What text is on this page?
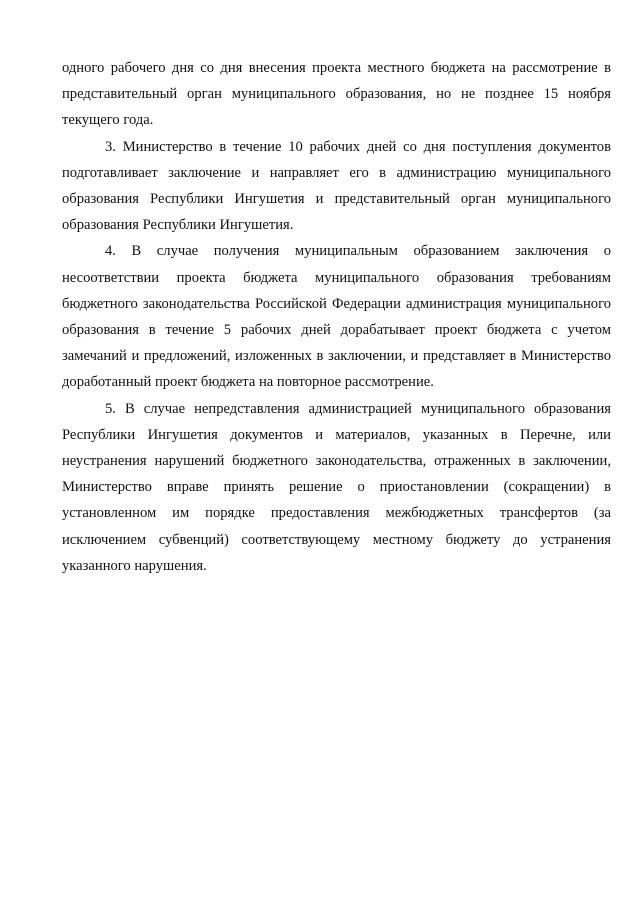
одного рабочего дня со дня внесения проекта местного бюджета на рассмотрение в представительный орган муниципального образования, но не позднее 15 ноября текущего года.

3. Министерство в течение 10 рабочих дней со дня поступления документов подготавливает заключение и направляет его в администрацию муниципального образования Республики Ингушетия и представительный орган муниципального образования Республики Ингушетия.

4. В случае получения муниципальным образованием заключения о несоответствии проекта бюджета муниципального образования требованиям бюджетного законодательства Российской Федерации администрация муниципального образования в течение 5 рабочих дней дорабатывает проект бюджета с учетом замечаний и предложений, изложенных в заключении, и представляет в Министерство доработанный проект бюджета на повторное рассмотрение.

5. В случае непредставления администрацией муниципального образования Республики Ингушетия документов и материалов, указанных в Перечне, или неустранения нарушений бюджетного законодательства, отраженных в заключении, Министерство вправе принять решение о приостановлении (сокращении) в установленном им порядке предоставления межбюджетных трансфертов (за исключением субвенций) соответствующему местному бюджету до устранения указанного нарушения.
